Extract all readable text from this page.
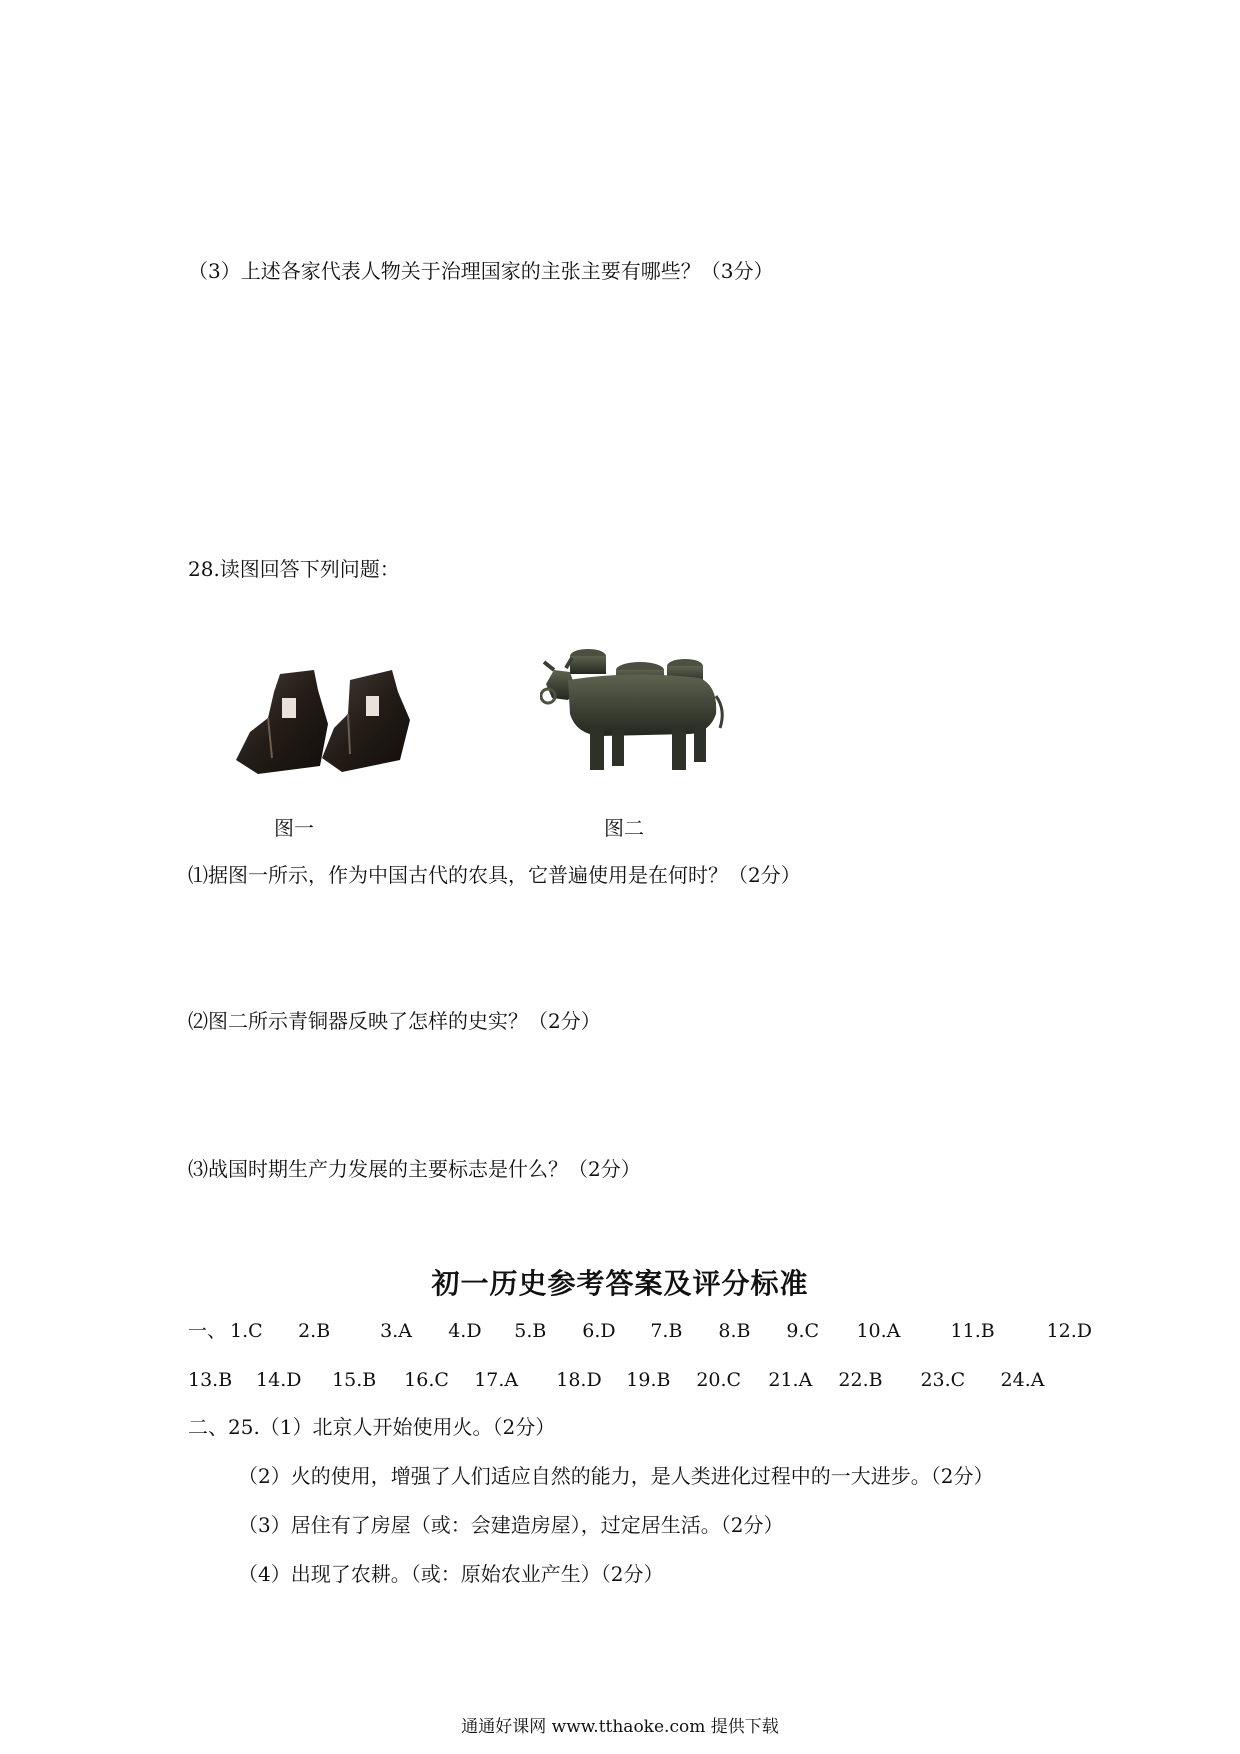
（3）上述各家代表人物关于治理国家的主张主要有哪些？（3分）
28.读图回答下列问题：
图一	图二
⑴据图一所示，作为中国古代的农具，它普遍使用是在何时？（2分）
⑵图二所示青铜器反映了怎样的史实？（2分）
⑶战国时期生产力发展的主要标志是什么？（2分）
初一历史参考答案及评分标准
一、 1.C 2.B	3.A 4.D 5.B 6.D 7.B 8.B 9.C 10.A	11.B	12.D
13.B 14.D 15.B 16.C 17.A 18.D 19.B 20.C 21.A 22.B 23.C 24.A
二、25.（1）北京人开始使用火。（2分）
（2）火的使用，增强了人们适应自然的能力，是人类进化过程中的一大进步。（2分）
（3）居住有了房屋（或：会建造房屋），过定居生活。（2分）
（4）出现了农耕。（或：原始农业产生）（2分）
通通好课网 www.tthaoke.com 提供下载
